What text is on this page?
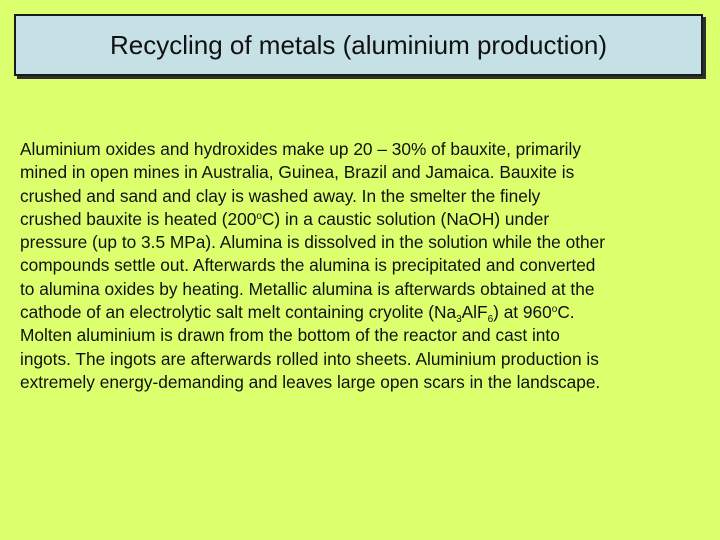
Recycling of metals (aluminium production)
Aluminium oxides and hydroxides make up 20 – 30% of bauxite, primarily
mined in open mines in Australia, Guinea, Brazil and Jamaica. Bauxite is
crushed and sand and clay is washed away. In the smelter the finely
crushed bauxite is heated (200$^o$C) in a caustic solution (NaOH) under
pressure (up to 3.5 MPa). Alumina is dissolved in the solution while the other
compounds settle out. Afterwards the alumina is precipitated and converted
to alumina oxides by heating. Metallic alumina is afterwards obtained at the
cathode of an electrolytic salt melt containing cryolite $(Na_3AlF_6)$ at 960$^o$C.
Molten aluminium is drawn from the bottom of the reactor and cast into
ingots. The ingots are afterwards rolled into sheets. Aluminium production is
extremely energy-demanding and leaves large open scars in the landscape.
